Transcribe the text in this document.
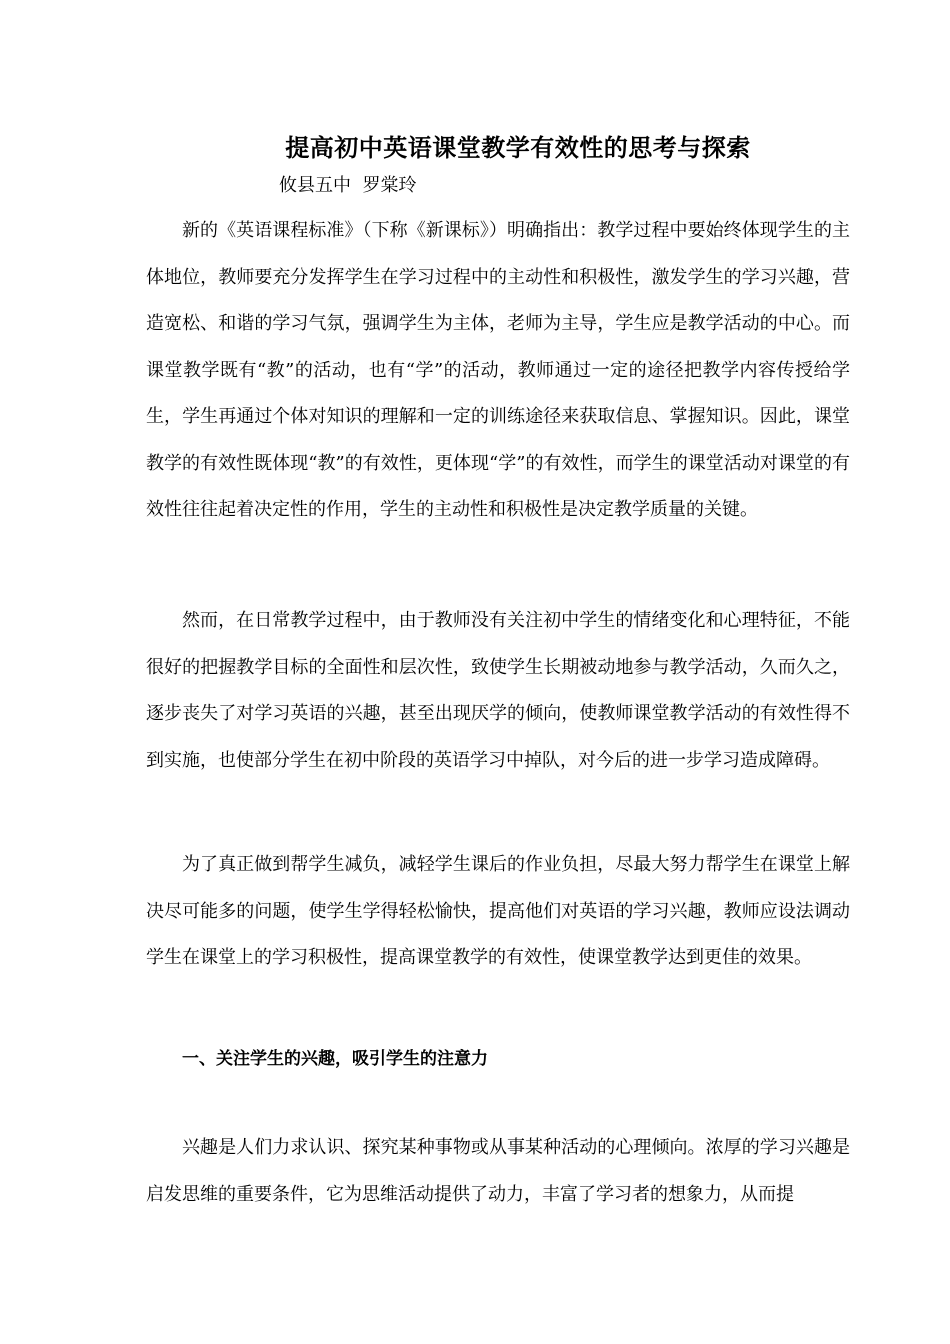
提高初中英语课堂教学有效性的思考与探索
攸县五中  罗棠玲

新的《英语课程标准》（下称《新课标》）明确指出：教学过程中要始终体现学生的主体地位，教师要充分发挥学生在学习过程中的主动性和积极性，激发学生的学习兴趣，营造宽松、和谐的学习气氛，强调学生为主体，老师为主导，学生应是教学活动的中心。而课堂教学既有“教”的活动，也有“学”的活动，教师通过一定的途径把教学内容传授给学生，学生再通过个体对知识的理解和一定的训练途径来获取信息、掌握知识。因此，课堂教学的有效性既体现“教”的有效性，更体现“学”的有效性，而学生的课堂活动对课堂的有效性往往起着决定性的作用，学生的主动性和积极性是决定教学质量的关键。

然而，在日常教学过程中，由于教师没有关注初中学生的情绪变化和心理特征，不能很好的把握教学目标的全面性和层次性，致使学生长期被动地参与教学活动，久而久之，逐步丧失了对学习英语的兴趣，甚至出现厌学的倾向，使教师课堂教学活动的有效性得不到实施，也使部分学生在初中阶段的英语学习中掉队，对今后的进一步学习造成障碍。

为了真正做到帮学生减负，减轻学生课后的作业负担，尽最大努力帮学生在课堂上解决尽可能多的问题，使学生学得轻松愉快，提高他们对英语的学习兴趣，教师应设法调动学生在课堂上的学习积极性，提高课堂教学的有效性，使课堂教学达到更佳的效果。

一、关注学生的兴趣，吸引学生的注意力

兴趣是人们力求认识、探究某种事物或从事某种活动的心理倾向。浓厚的学习兴趣是启发思维的重要条件，它为思维活动提供了动力，丰富了学习者的想象力，从而提
